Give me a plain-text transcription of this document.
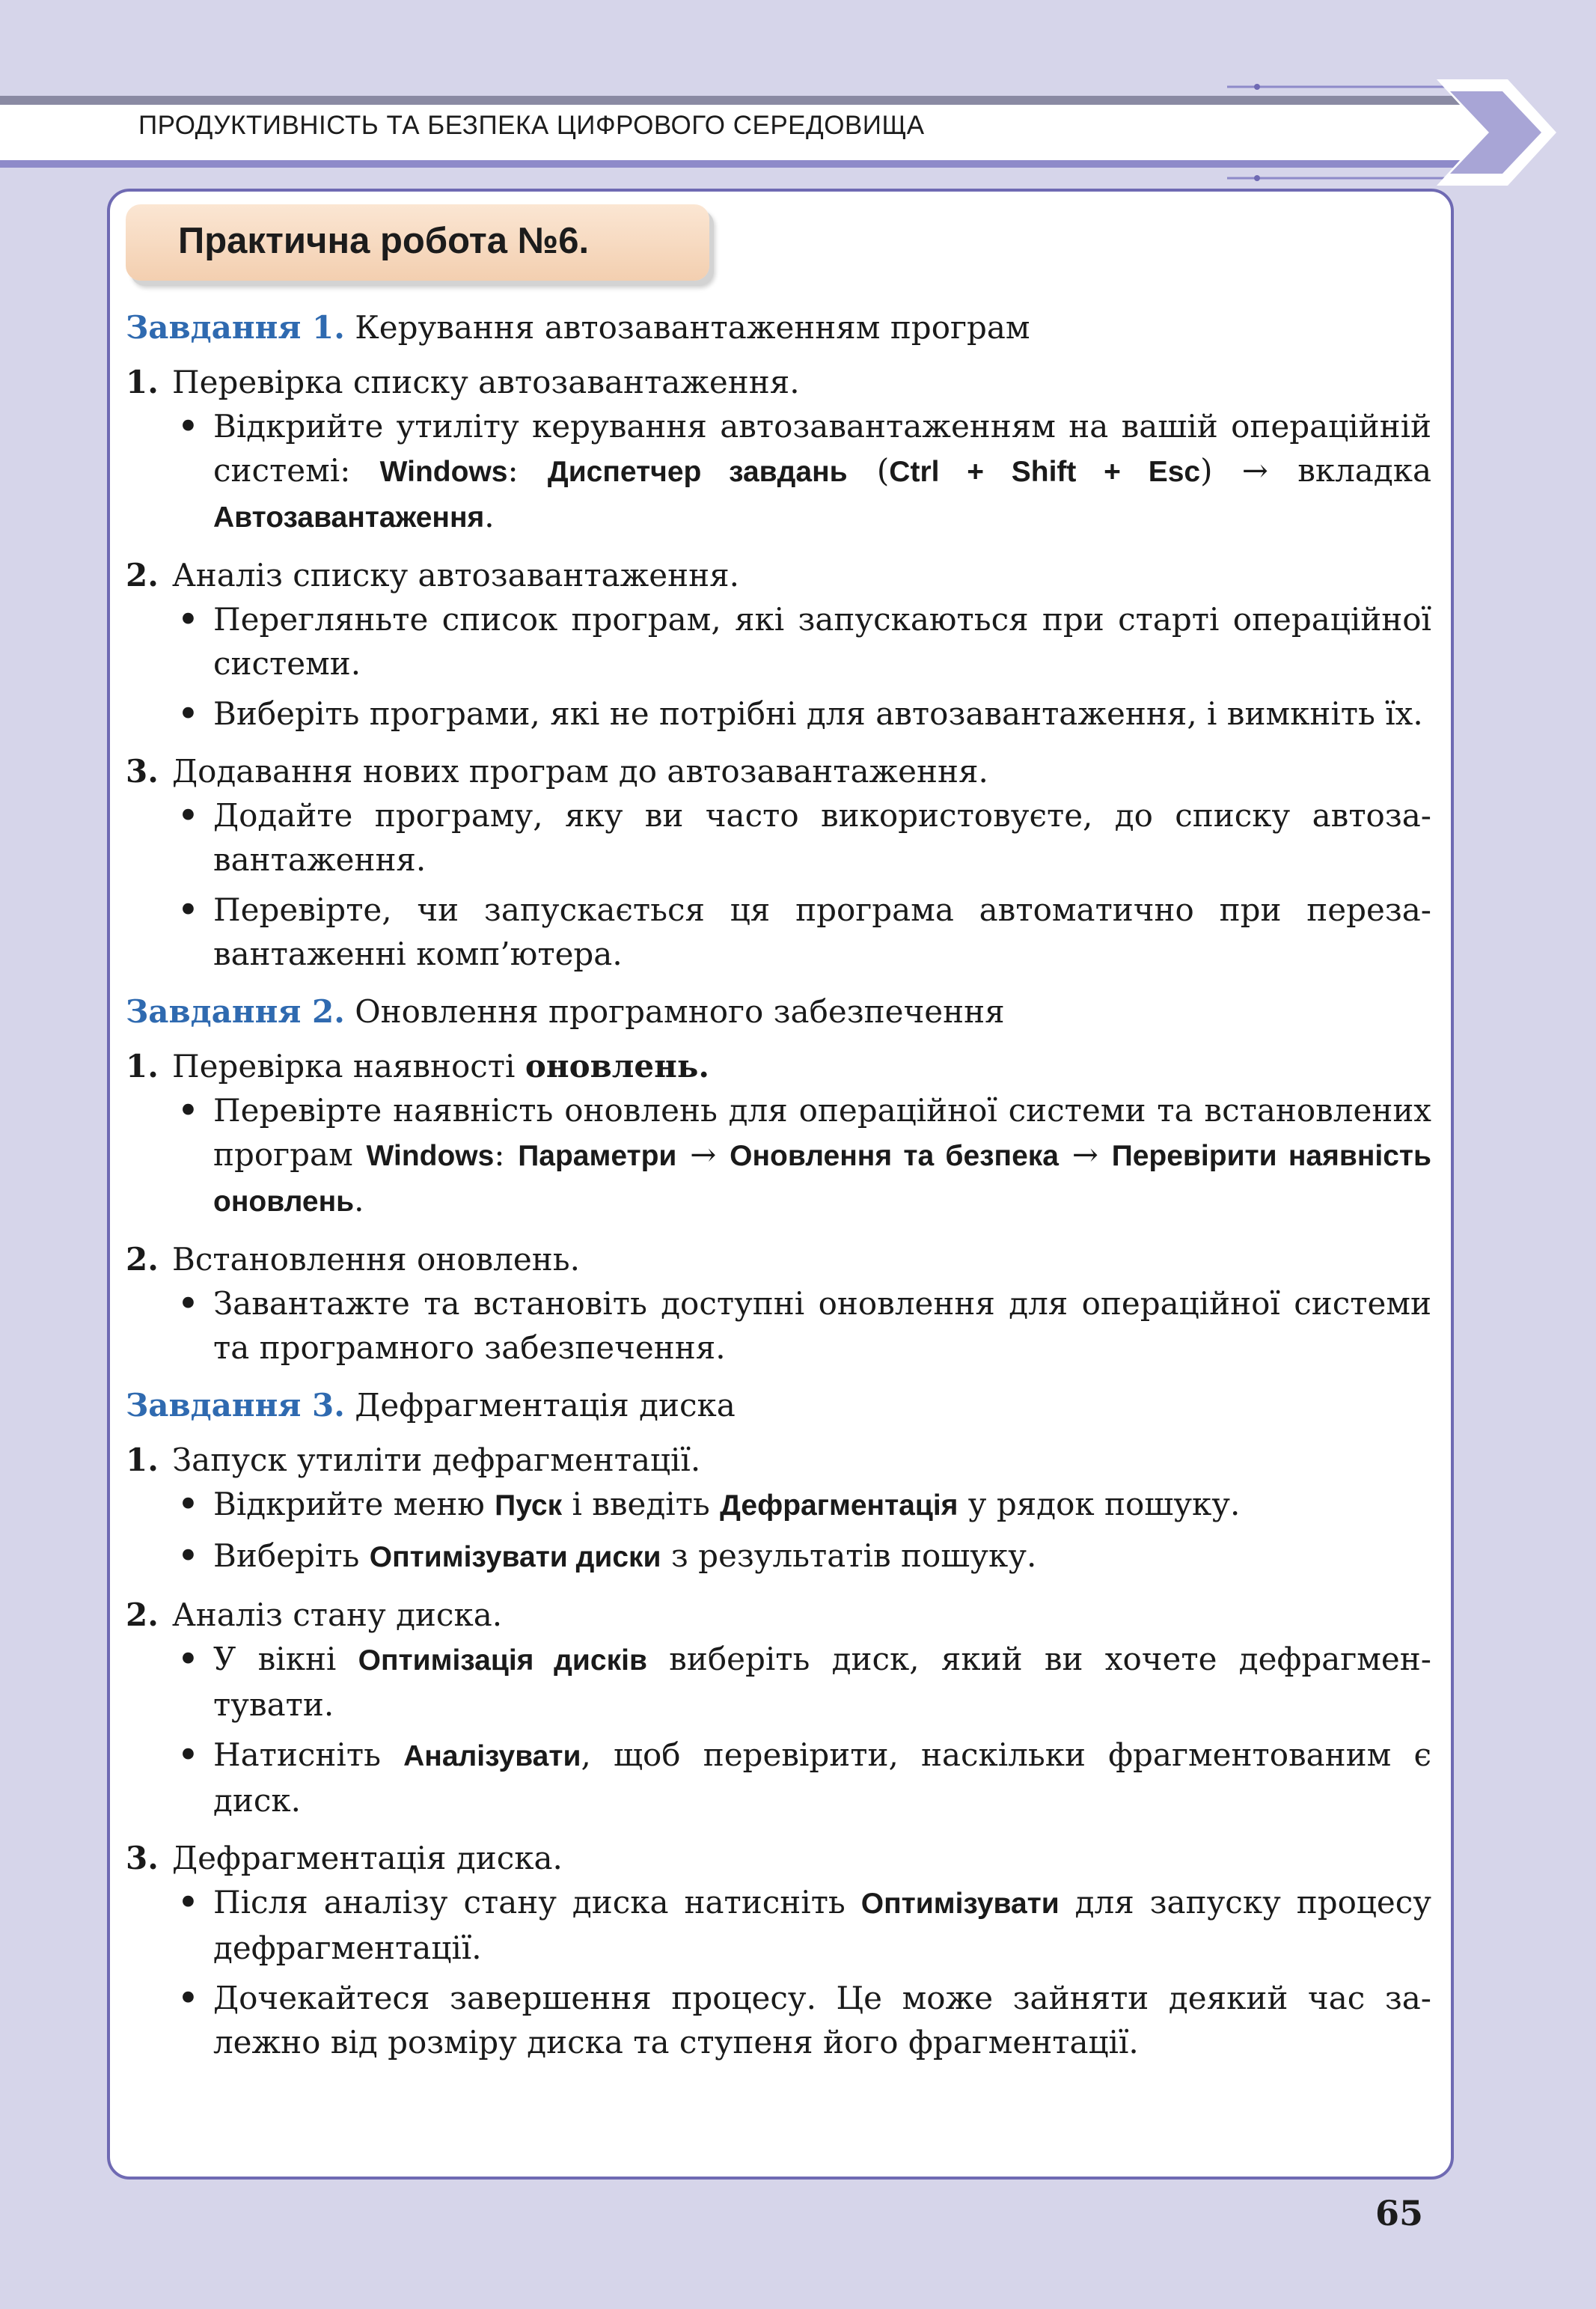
ПРОДУКТИВНІСТЬ ТА БЕЗПЕКА ЦИФРОВОГО СЕРЕДОВИЩА
Практична робота №6.
Завдання 1. Керування автозавантаженням програм

1. Перевірка списку автозавантаження.

• Відкрийте утиліту керування автозавантаженням на вашій операційній системі: Windows: Диспетчер завдань (Ctrl + Shift + Esc) → вкладка Автозавантаження.

2. Аналіз списку автозавантаження.

• Перегляньте список програм, які запускаються при старті операційної системи.
• Виберіть програми, які не потрібні для автозавантаження, і вимкніть їх.

3. Додавання нових програм до автозавантаження.

• Додайте програму, яку ви часто використовуєте, до списку автозавантаження.
• Перевірте, чи запускається ця програма автоматично при перезавантаженні комп’ютера.
Завдання 2. Оновлення програмного забезпечення

1. Перевірка наявності оновлень.

• Перевірте наявність оновлень для операційної системи та встановлених програм Windows: Параметри → Оновлення та безпека → Перевірити наявність оновлень.

2. Встановлення оновлень.

• Завантажте та встановіть доступні оновлення для операційної системи та програмного забезпечення.
Завдання 3. Дефрагментація диска

1. Запуск утиліти дефрагментації.

• Відкрийте меню Пуск і введіть Дефрагментація у рядок пошуку.
• Виберіть Оптимізувати диски з результатів пошуку.

2. Аналіз стану диска.

• У вікні Оптимізація дисків виберіть диск, який ви хочете дефрагментувати.
• Натисніть Аналізувати, щоб перевірити, наскільки фрагментованим є диск.

3. Дефрагментація диска.

• Після аналізу стану диска натисніть Оптимізувати для запуску процесу дефрагментації.
• Дочекайтеся завершення процесу. Це може зайняти деякий час залежно від розміру диска та ступеня його фрагментації.
65
